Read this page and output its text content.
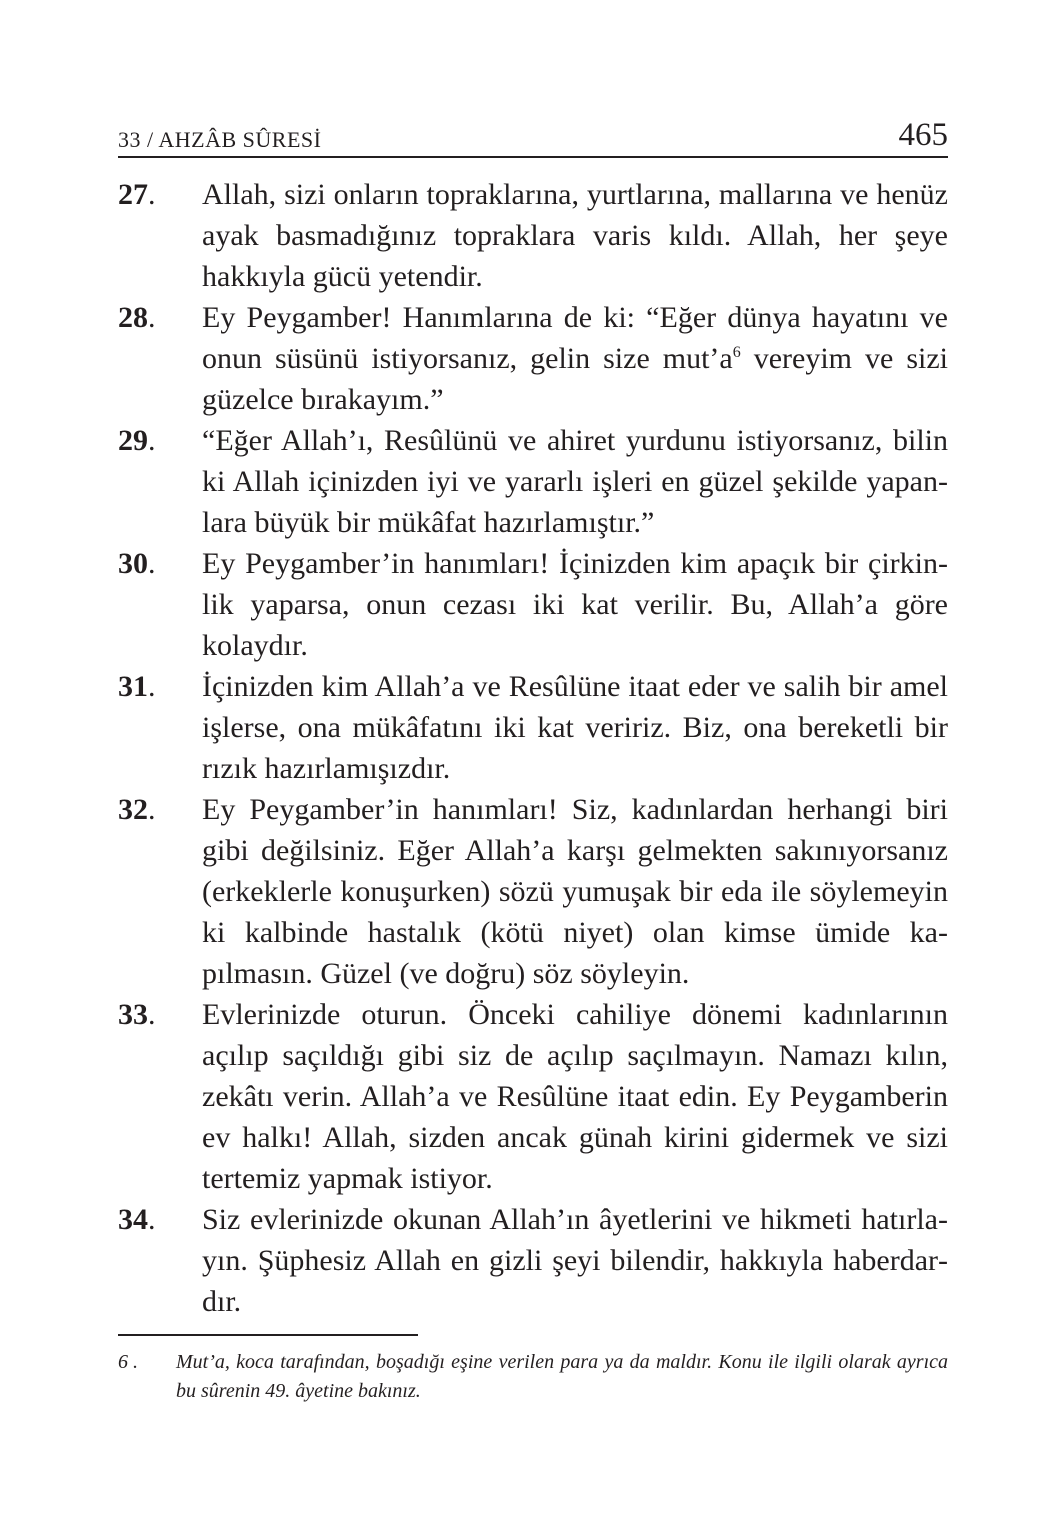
33 / AHZÂB SÛRESİ	465
27.	Allah, sizi onların topraklarına, yurtlarına, mallarına ve henüz ayak basmadığınız topraklara varis kıldı. Allah, her şeye hakkıyla gücü yetendir.
28.	Ey Peygamber! Hanımlarına de ki: “Eğer dünya hayatını ve onun süsünü istiyorsanız, gelin size $mut’a^6$ vereyim ve sizi güzelce bırakayım.”
29.	“Eğer Allah’ı, Resûlünü ve ahiret yurdunu istiyorsanız, bilin ki Allah içinizden iyi ve yararlı işleri en güzel şekilde yapanlara büyük bir mükâfat hazırlamıştır.”
30.	Ey Peygamber’in hanımları! İçinizden kim apaçık bir çirkinlik yaparsa, onun cezası iki kat verilir. Bu, Allah’a göre kolaydır.
31.	İçinizden kim Allah’a ve Resûlüne itaat eder ve salih bir amel işlerse, ona mükâfatını iki kat veririz. Biz, ona bereketli bir rızık hazırlamışızdır.
32.	Ey Peygamber’in hanımları! Siz, kadınlardan herhangi biri gibi değilsiniz. Eğer Allah’a karşı gelmekten sakınıyorsanız (erkeklerle konuşurken) sözü yumuşak bir eda ile söylemeyin ki kalbinde hastalık (kötü niyet) olan kimse ümide kapılmasın. Güzel (ve doğru) söz söyleyin.
33.	Evlerinizde oturun. Önceki cahiliye dönemi kadınlarının açılıp saçıldığı gibi siz de açılıp saçılmayın. Namazı kılın, zekâtı verin. Allah’a ve Resûlüne itaat edin. Ey Peygamberin ev halkı! Allah, sizden ancak günah kirini gidermek ve sizi tertemiz yapmak istiyor.
34.	Siz evlerinizde okunan Allah’ın âyetlerini ve hikmeti hatırlayın. Şüphesiz Allah en gizli şeyi bilendir, hakkıyla haberdardır.
6 .	Mut’a, koca tarafından, boşadığı eşine verilen para ya da maldır. Konu ile ilgili olarak ayrıca bu sûrenin 49. âyetine bakınız.
